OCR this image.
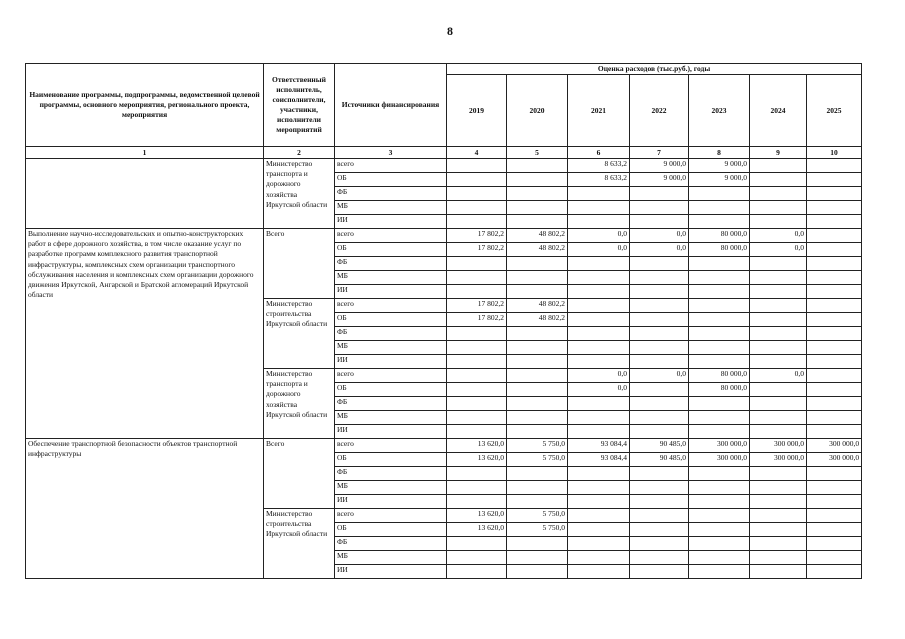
8
Наименование программы, подпрограммы, ведомственной целевой программы, основного мероприятия, регионального проекта, мероприятия	Ответственный исполнитель, соисполнители, участники, исполнители мероприятий	Источники финансирования	Оценка расходов (тыс.руб.), годы						
			2019	2020	2021	2022	2023	2024	2025
1	2	3	4	5	6	7	8	9	10
	Министерство транспорта и дорожного хозяйства Иркутской области	всего			8 633,2	9 000,0	9 000,0		
		ОБ			8 633,2	9 000,0	9 000,0		
		ФБ							
		МБ							
		ИИ							
Выполнение научно-исследовательских и опытно-конструкторских работ в сфере дорожного хозяйства, в том числе оказание услуг по разработке программ комплексного развития транспортной инфраструктуры, комплексных схем организации транспортного обслуживания населения и комплексных схем организации дорожного движения Иркутской, Ангарской и Братской агломераций Иркутской области	Всего	всего	17 802,2	48 802,2	0,0	0,0	80 000,0	0,0	
		ОБ	17 802,2	48 802,2	0,0	0,0	80 000,0	0,0	
		ФБ							
		МБ							
		ИИ							
	Министерство строительства Иркутской области	всего	17 802,2	48 802,2					
		ОБ	17 802,2	48 802,2					
		ФБ							
		МБ							
		ИИ							
	Министерство транспорта и дорожного хозяйства Иркутской области	всего			0,0	0,0	80 000,0	0,0	
		ОБ			0,0		80 000,0		
		ФБ							
		МБ							
		ИИ							
Обеспечение транспортной безопасности объектов транспортной инфраструктуры	Всего	всего	13 620,0	5 750,0	93 084,4	90 485,0	300 000,0	300 000,0	300 000,0
		ОБ	13 620,0	5 750,0	93 084,4	90 485,0	300 000,0	300 000,0	300 000,0
		ФБ							
		МБ							
		ИИ							
	Министерство строительства Иркутской области	всего	13 620,0	5 750,0					
		ОБ	13 620,0	5 750,0					
		ФБ							
		МБ							
		ИИ							
